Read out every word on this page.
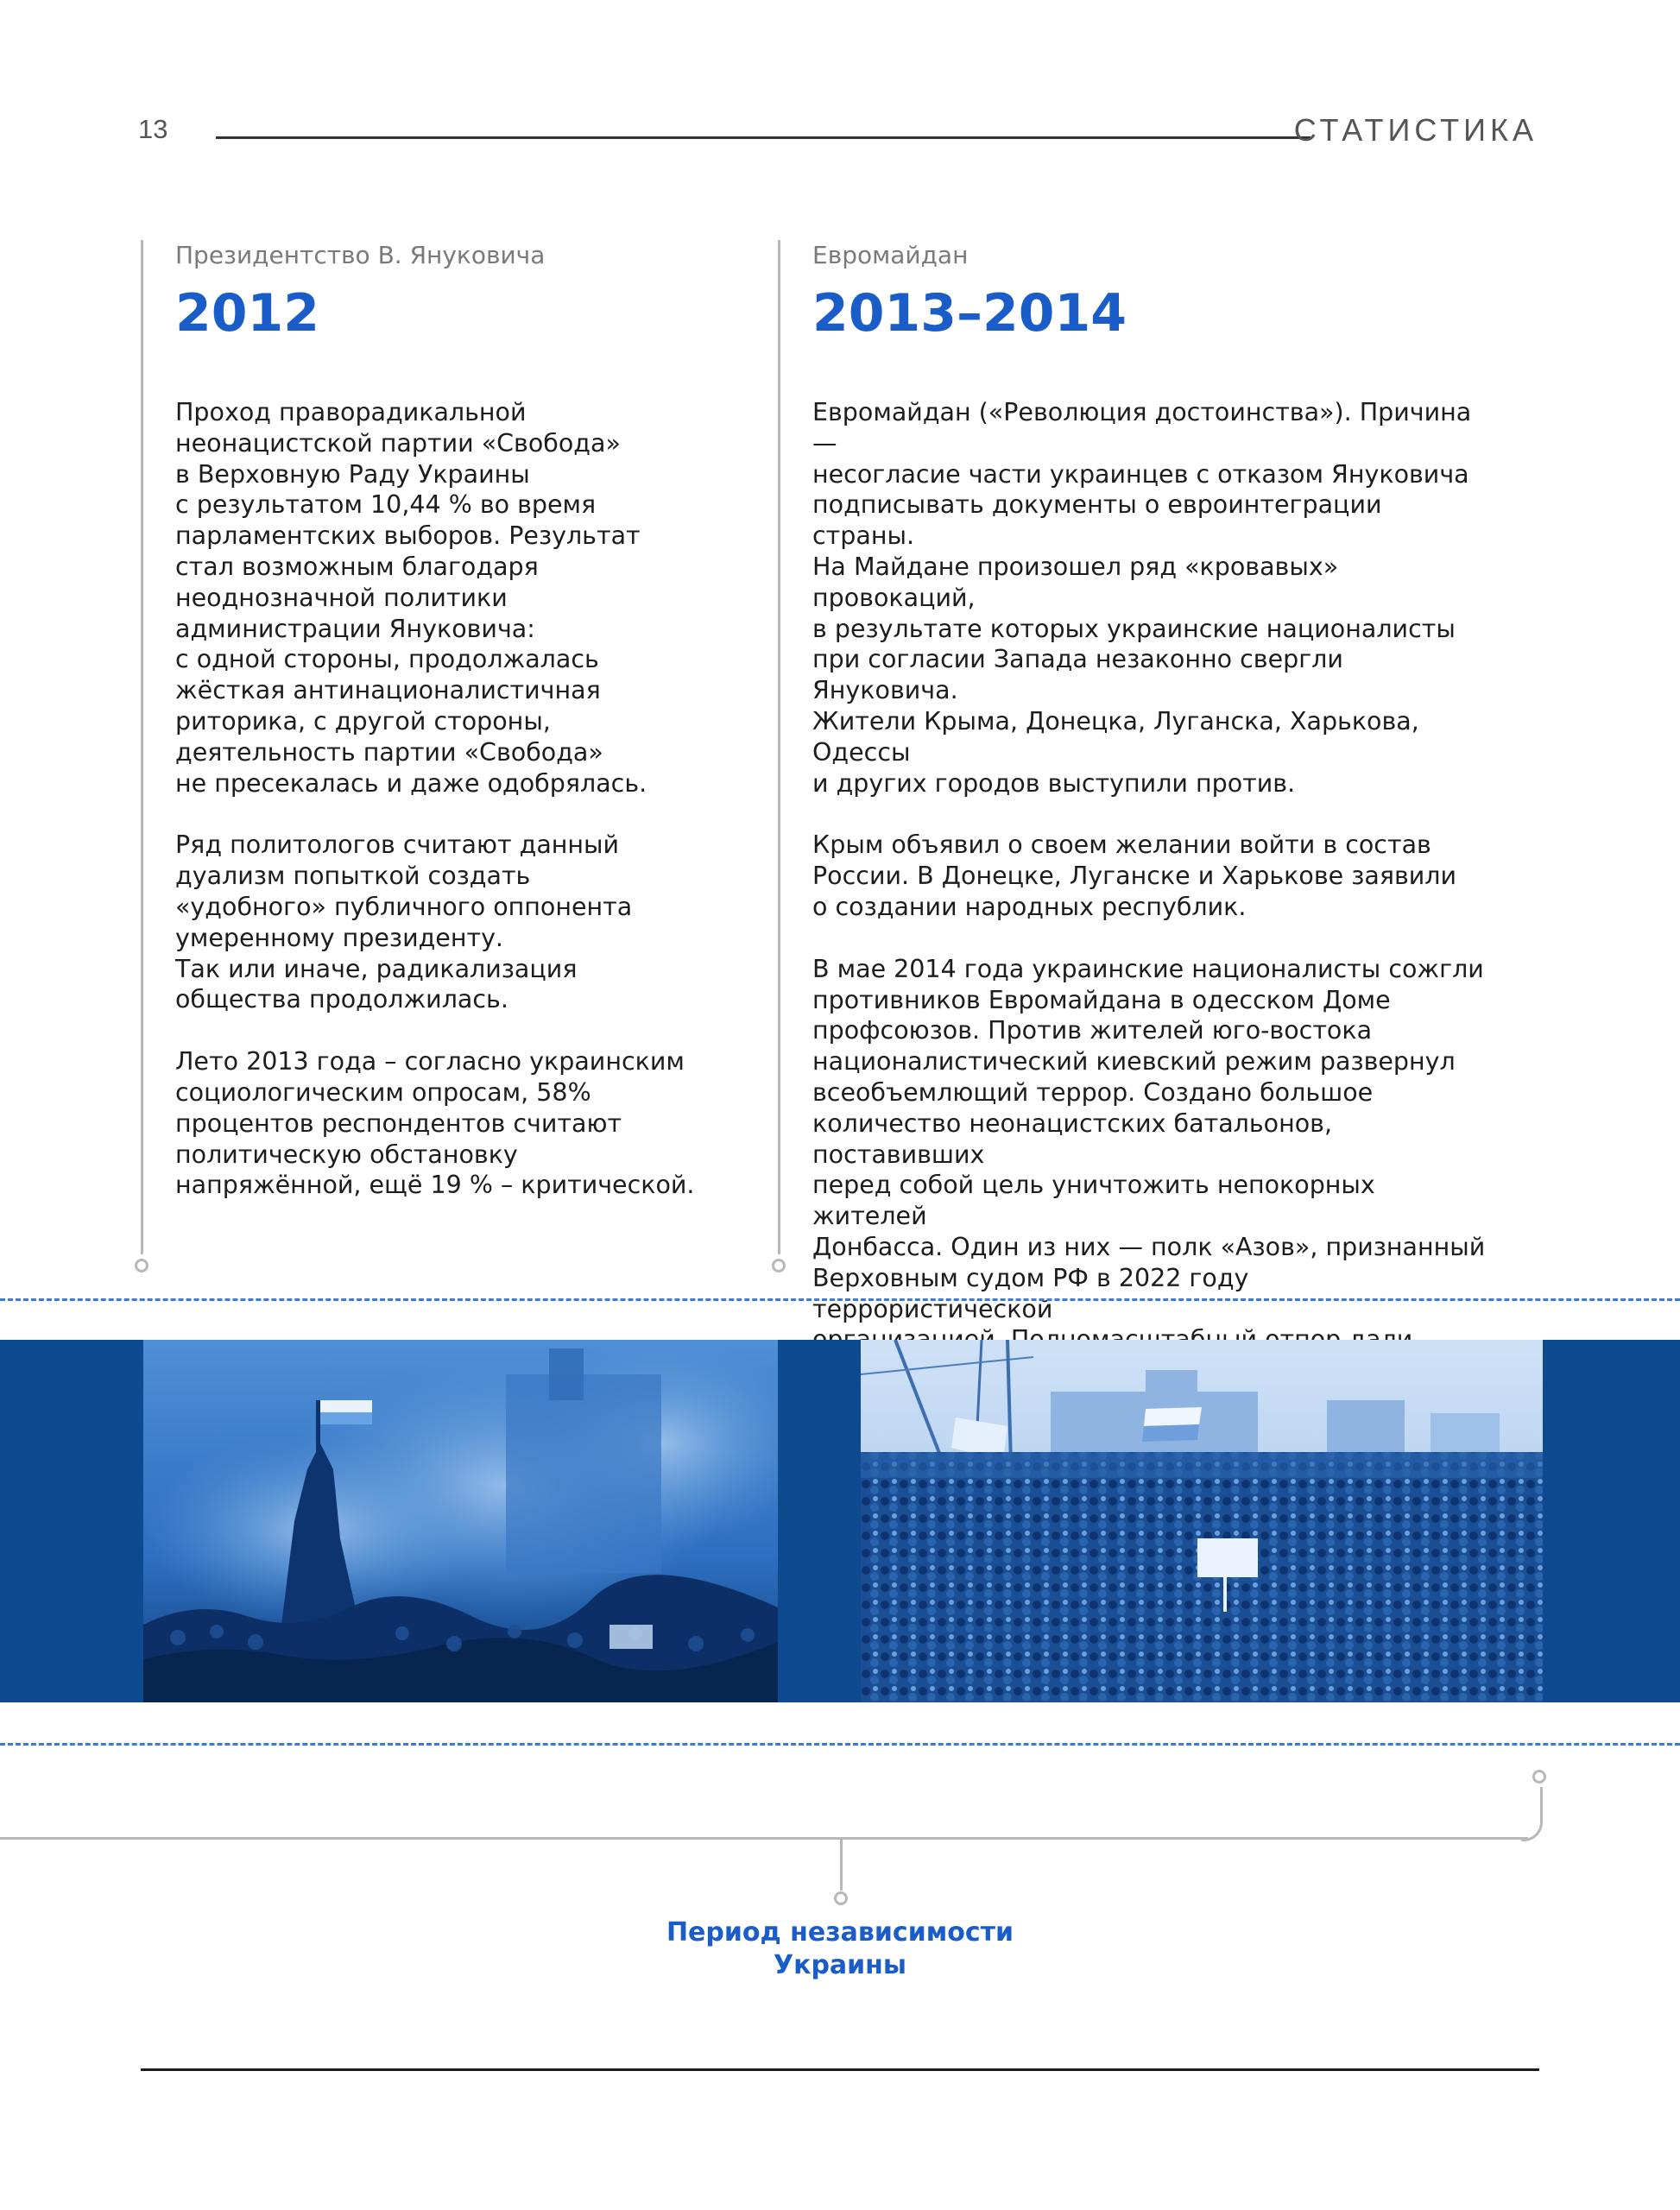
13	СТАТИСТИКА

Президентство В. Януковича

2012

Проход праворадикальной
неонацистской партии «Свобода»
в Верховную Раду Украины
с результатом 10,44 % во время
парламентских выборов. Результат
стал возможным благодаря
неоднозначной политики
администрации Януковича:
с одной стороны, продолжалась
жёсткая антинационалистичная
риторика, с другой стороны,
деятельность партии «Свобода»
не пресекалась и даже одобрялась.

Ряд политологов считают данный
дуализм попыткой создать
«удобного» публичного оппонента
умеренному президенту.
Так или иначе, радикализация
общества продолжилась.

Лето 2013 года – согласно украинским
социологическим опросам, 58%
процентов респондентов считают
политическую обстановку
напряжённой, ещё 19 % – критической.

Евромайдан

2013–2014

Евромайдан («Революция достоинства»). Причина —
несогласие части украинцев с отказом Януковича
подписывать документы о евроинтеграции страны.
На Майдане произошел ряд «кровавых» провокаций,
в результате которых украинские националисты
при согласии Запада незаконно свергли Януковича.
Жители Крыма, Донецка, Луганска, Харькова, Одессы
и других городов выступили против.

Крым объявил о своем желании войти в состав
России. В Донецке, Луганске и Харькове заявили
о создании народных республик.

В мае 2014 года украинские националисты сожгли
противников Евромайдана в одесском Доме
профсоюзов. Против жителей юго-востока
националистический киевский режим развернул
всеобъемлющий террор. Создано большое
количество неонацистских батальонов, поставивших
перед собой цель уничтожить непокорных жителей
Донбасса. Один из них — полк «Азов», признанный
Верховным судом РФ в 2022 году террористической

Период независимости
Украины
